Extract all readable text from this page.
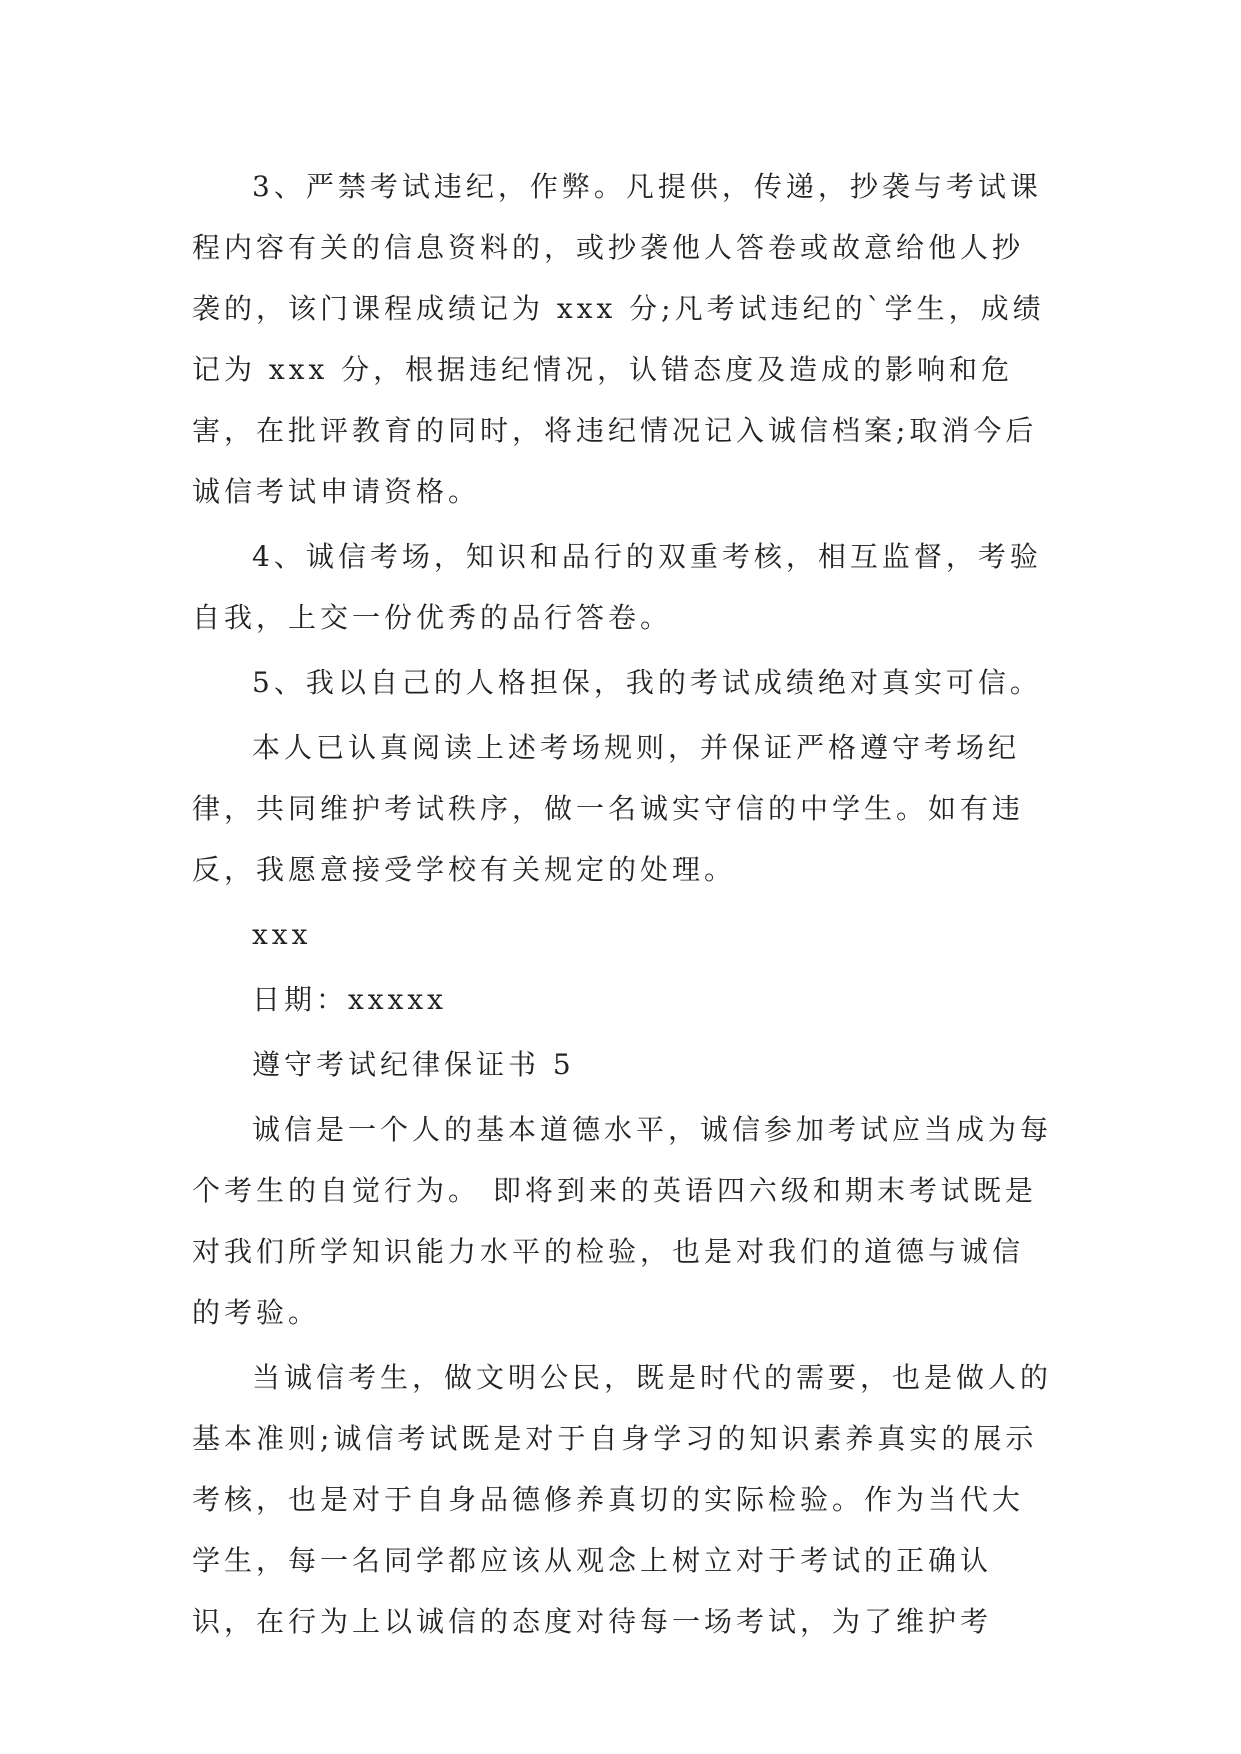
3、严禁考试违纪，作弊。凡提供，传递，抄袭与考试课程内容有关的信息资料的，或抄袭他人答卷或故意给他人抄袭的，该门课程成绩记为 xxx 分;凡考试违纪的`学生，成绩记为 xxx 分，根据违纪情况，认错态度及造成的影响和危害，在批评教育的同时，将违纪情况记入诚信档案;取消今后诚信考试申请资格。

4、诚信考场，知识和品行的双重考核，相互监督，考验自我，上交一份优秀的品行答卷。

5、我以自己的人格担保，我的考试成绩绝对真实可信。

本人已认真阅读上述考场规则，并保证严格遵守考场纪律，共同维护考试秩序，做一名诚实守信的中学生。如有违反，我愿意接受学校有关规定的处理。

xxx

日期：xxxxx

遵守考试纪律保证书 5

诚信是一个人的基本道德水平，诚信参加考试应当成为每个考生的自觉行为。 即将到来的英语四六级和期末考试既是对我们所学知识能力水平的检验，也是对我们的道德与诚信的考验。

当诚信考生，做文明公民，既是时代的需要，也是做人的基本准则;诚信考试既是对于自身学习的知识素养真实的展示考核，也是对于自身品德修养真切的实际检验。作为当代大学生，每一名同学都应该从观念上树立对于考试的正确认识，在行为上以诚信的态度对待每一场考试，为了维护考
